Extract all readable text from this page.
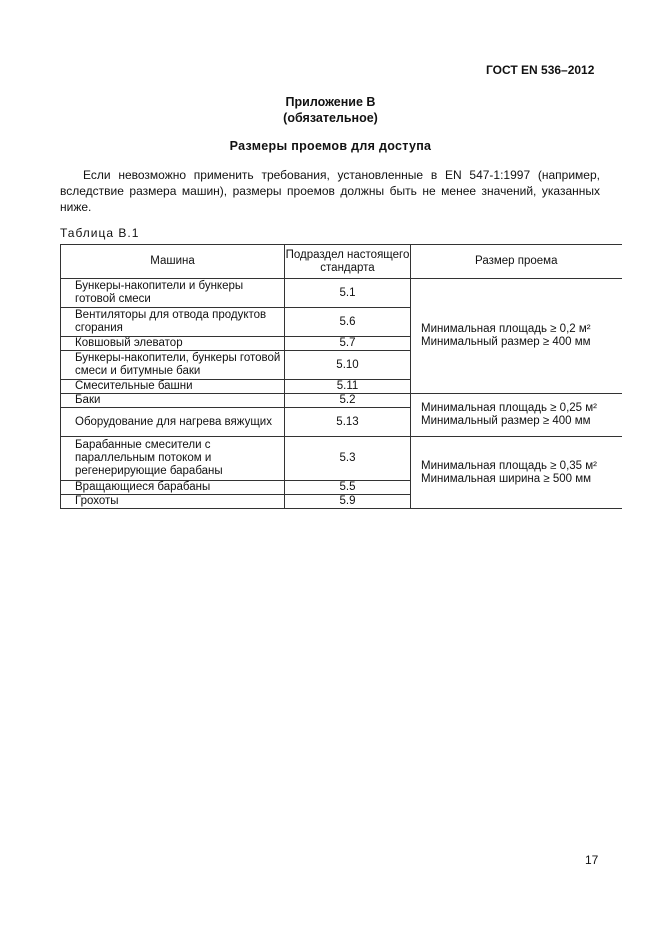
ГОСТ EN 536–2012
Приложение В
(обязательное)
Размеры проемов для доступа
Если невозможно применить требования, установленные в EN 547-1:1997 (например, вследствие размера машин), размеры проемов должны быть не менее значений, указанных ниже.
Таблица В.1
Машина	Подраздел настоящего стандарта	Размер проема
Бункеры-накопители и бункеры готовой смеси	5.1	Минимальная площадь ≥ 0,2 м²
Минимальный размер ≥ 400 мм

Вентиляторы для отвода продуктов сгорания	5.6	
Ковшовый элеватор	5.7	
Бункеры-накопители, бункеры готовой смеси и битумные баки	5.10	
Смесительные башни	5.11	
Баки	5.2	Минимальная площадь ≥ 0,25 м²
Минимальный размер ≥ 400 мм

Оборудование для нагрева вяжущих	5.13	
Барабанные смесители с параллельным потоком и регенерирующие барабаны	5.3	Минимальная площадь ≥ 0,35 м²
Минимальная ширина ≥ 500 мм

Вращающиеся барабаны	5.5	
Грохоты	5.9	
17
